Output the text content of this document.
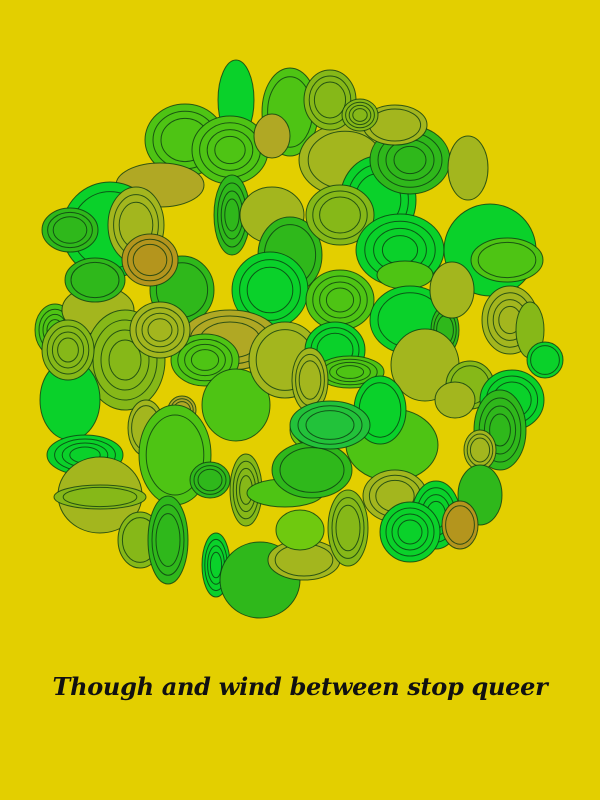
Though and wind between stop queer
